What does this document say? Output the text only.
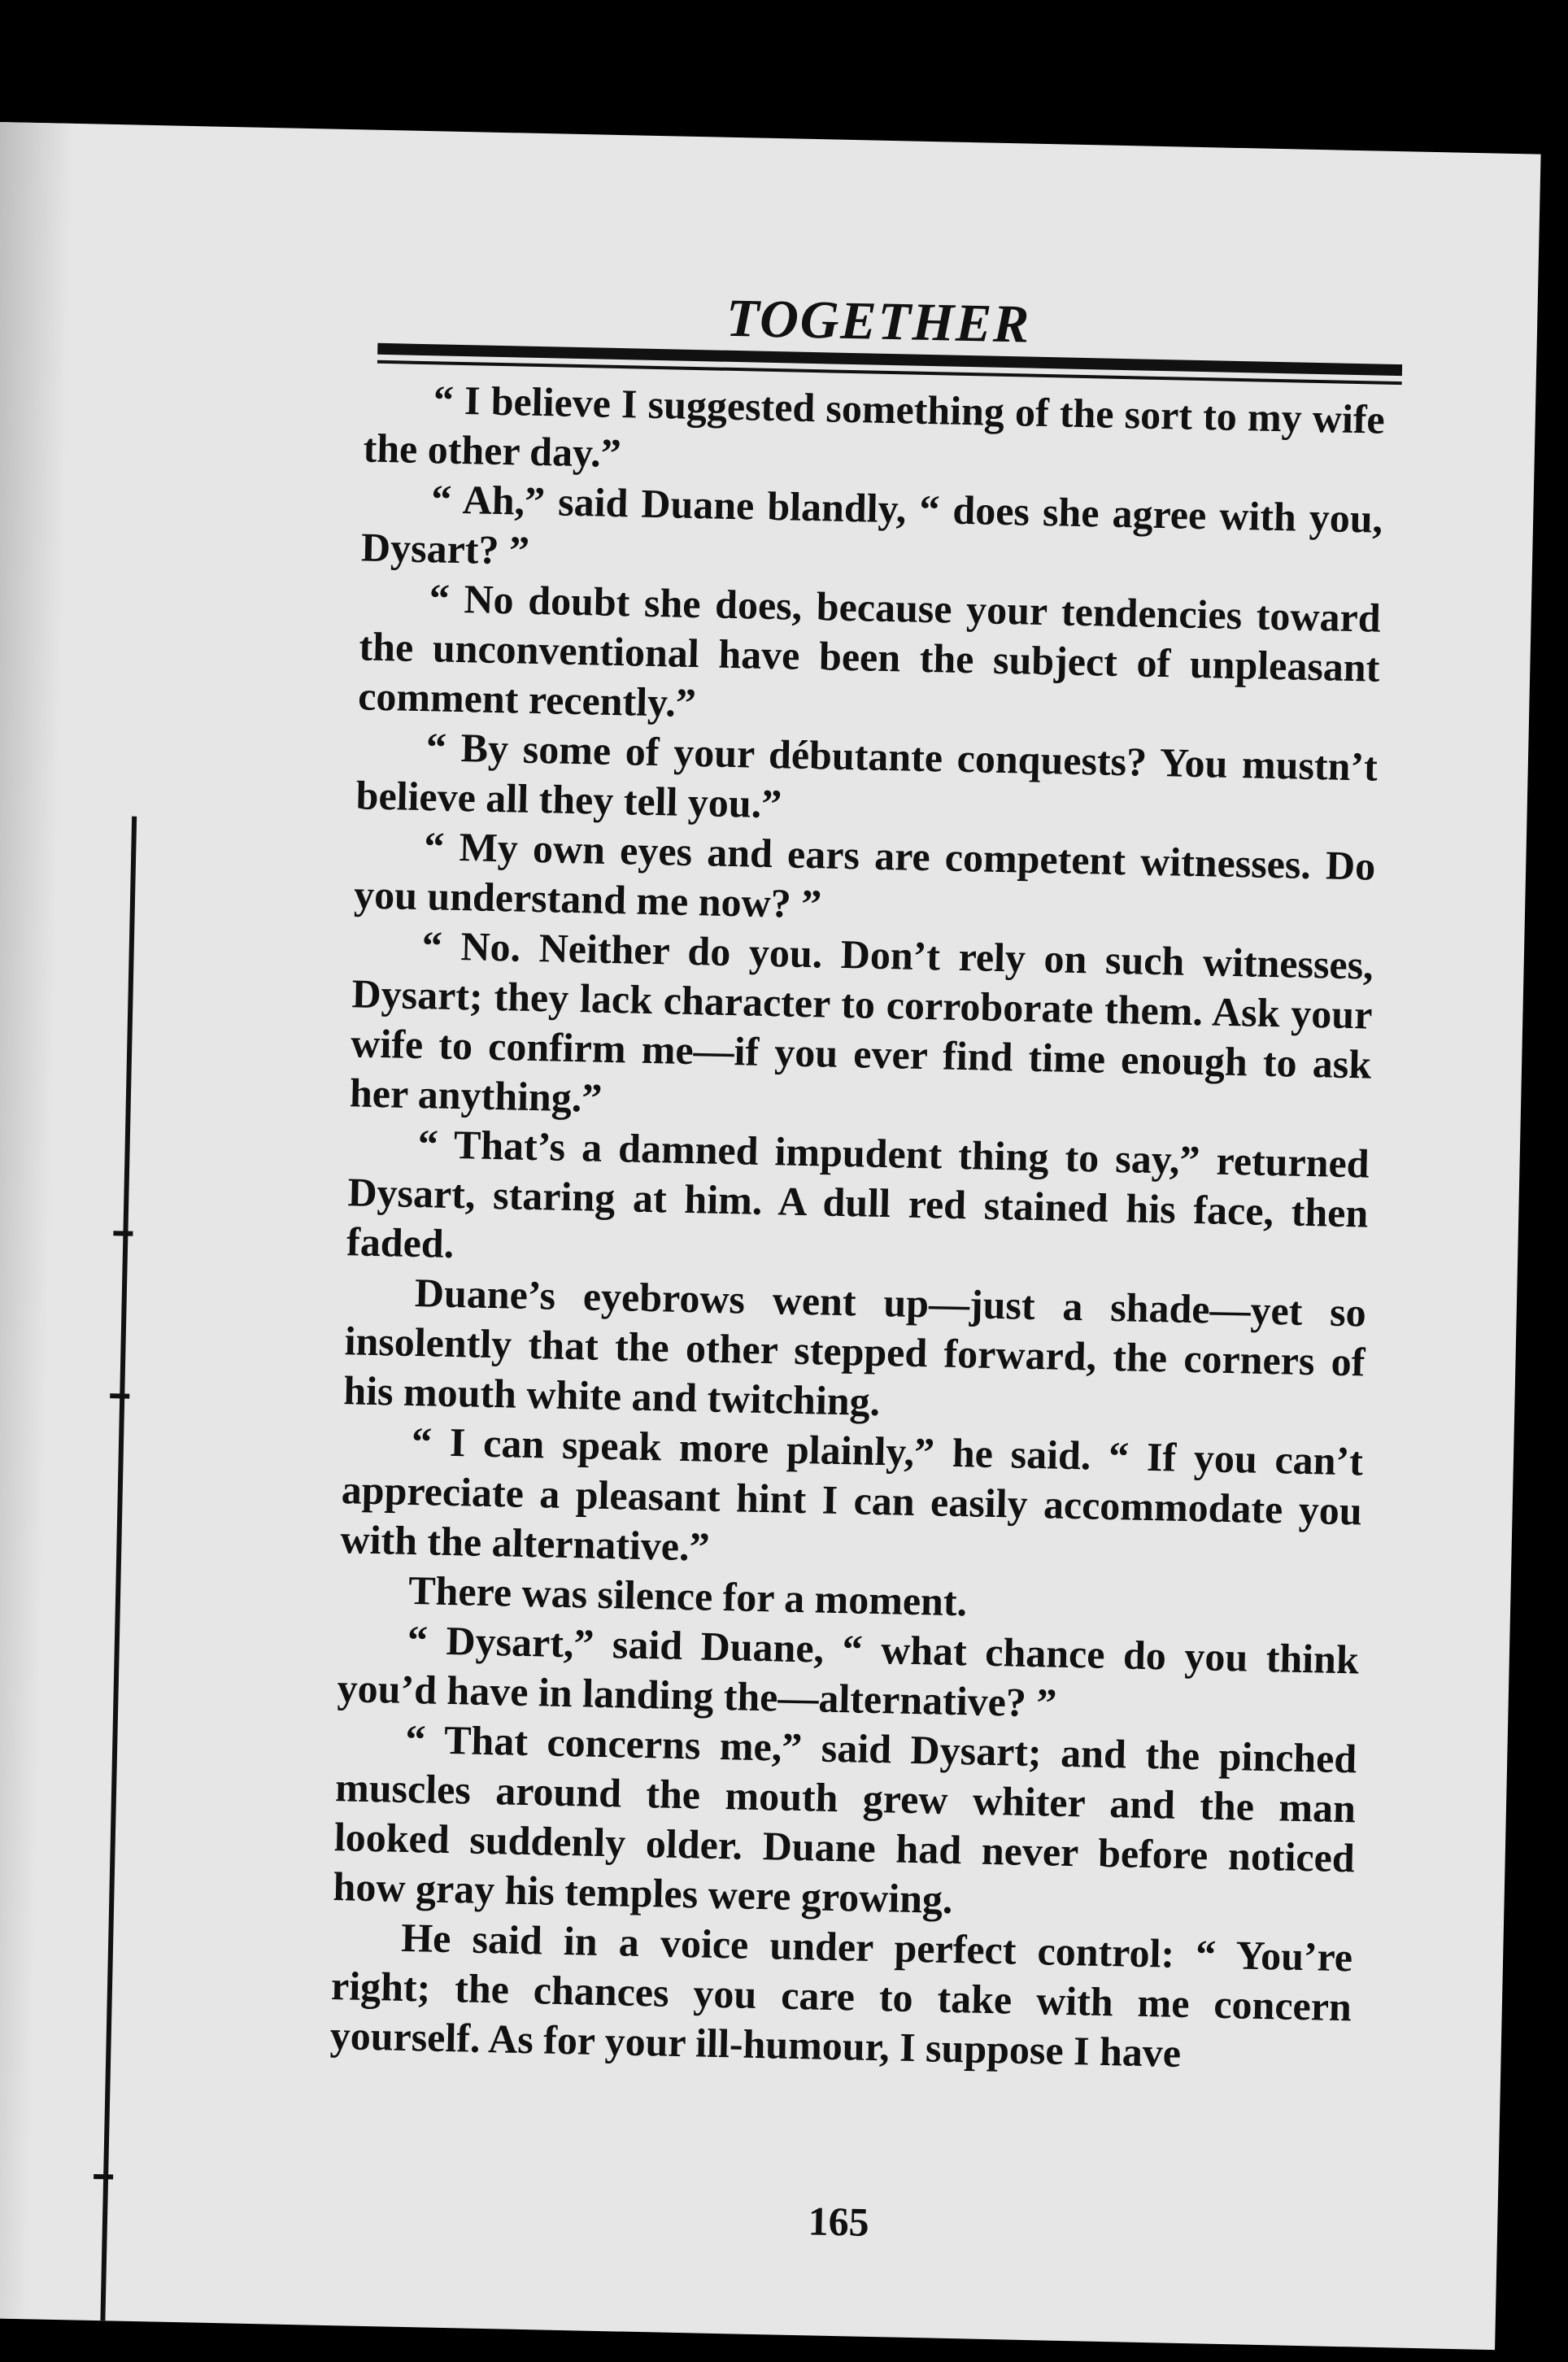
TOGETHER

“ I believe I suggested something of the sort to my wife the other day.”

“ Ah,” said Duane blandly, “ does she agree with you, Dysart? ”

“ No doubt she does, because your tendencies toward the unconventional have been the subject of unpleasant comment recently.”

“ By some of your débutante conquests? You mustn’t believe all they tell you.”

“ My own eyes and ears are competent witnesses. Do you understand me now? ”

“ No. Neither do you. Don’t rely on such witnesses, Dysart; they lack character to corroborate them. Ask your wife to confirm me—if you ever find time enough to ask her anything.”

“ That’s a damned impudent thing to say,” returned Dysart, staring at him. A dull red stained his face, then faded.

Duane’s eyebrows went up—just a shade—yet so insolently that the other stepped forward, the corners of his mouth white and twitching.

“ I can speak more plainly,” he said. “ If you can’t appreciate a pleasant hint I can easily accommodate you with the alternative.”

There was silence for a moment.

“ Dysart,” said Duane, “ what chance do you think you’d have in landing the—alternative? ”

“ That concerns me,” said Dysart; and the pinched muscles around the mouth grew whiter and the man looked suddenly older. Duane had never before noticed how gray his temples were growing.

He said in a voice under perfect control: “ You’re right; the chances you care to take with me concern yourself. As for your ill-humour, I suppose I have

165
